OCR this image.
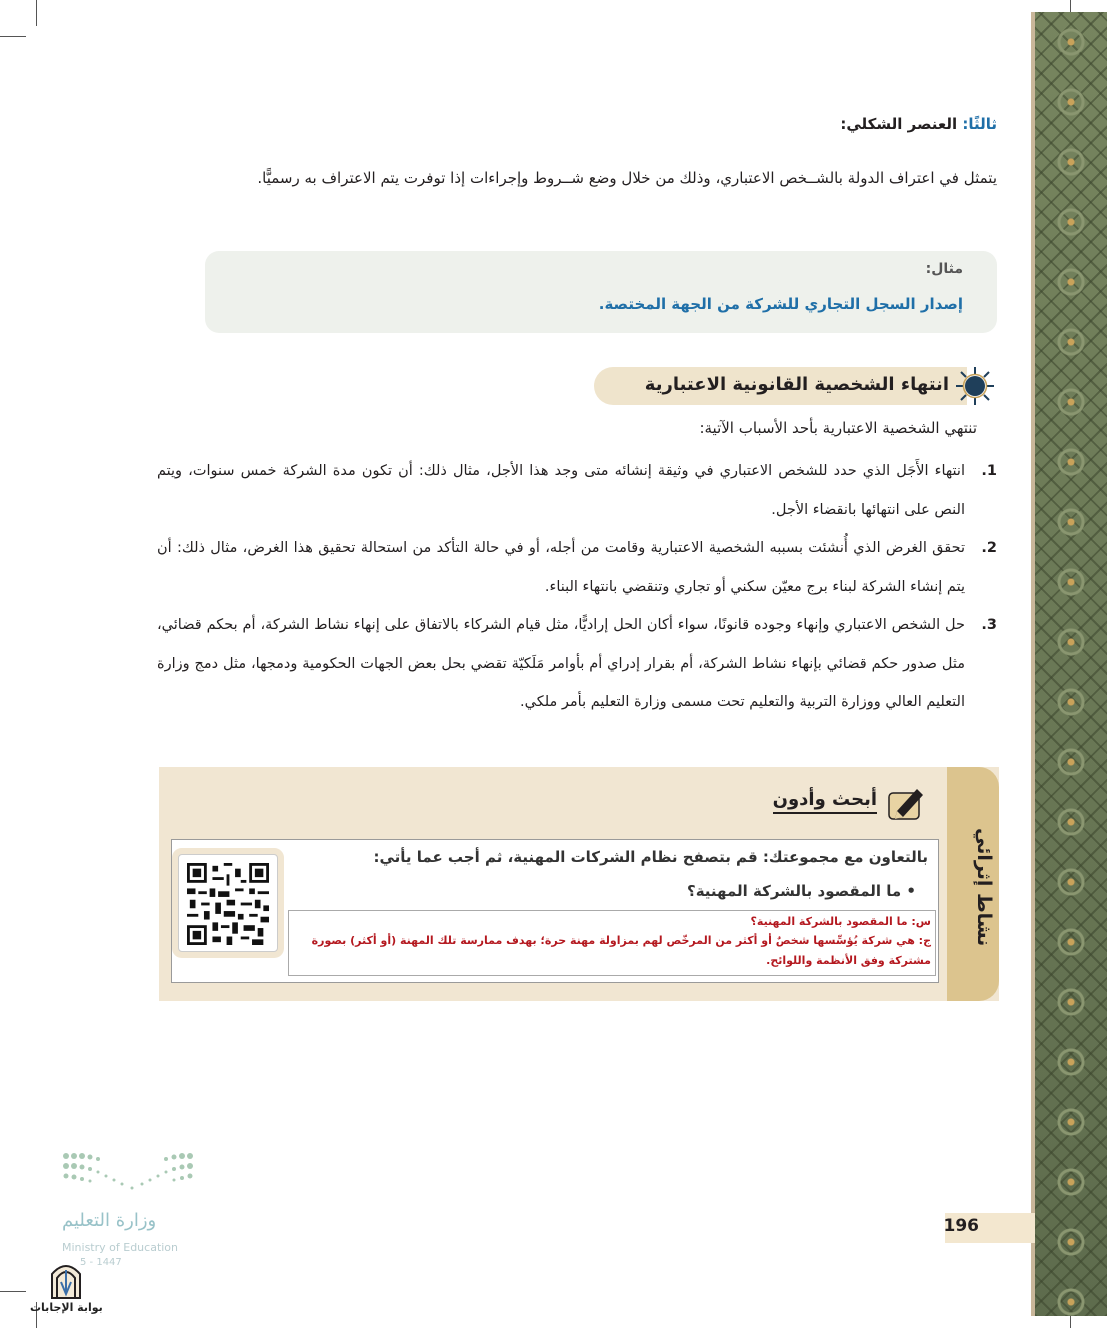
ثالثًا: العنصر الشكلي:

يتمثل في اعتراف الدولة بالشــخص الاعتباري، وذلك من خلال وضع شــروط وإجراءات إذا توفرت يتم الاعتراف به رسميًّا.

مثال:
إصدار السجل التجاري للشركة من الجهة المختصة.
انتهاء الشخصية القانونية الاعتبارية
تنتهي الشخصية الاعتبارية بأحد الأسباب الآتية:
1.
انتهاء الأَجَل الذي حدد للشخص الاعتباري في وثيقة إنشائه متى وجد هذا الأجل، مثال ذلك: أن تكون مدة الشركة خمس سنوات، ويتم النص على انتهائها بانقضاء الأجل.
2.
تحقق الغرض الذي أُنشئت بسببه الشخصية الاعتبارية وقامت من أجله، أو في حالة التأكد من استحالة تحقيق هذا الغرض، مثال ذلك: أن يتم إنشاء الشركة لبناء برج معيّن سكني أو تجاري وتنقضي بانتهاء البناء.
3.
حل الشخص الاعتباري وإنهاء وجوده قانونًا، سواء أكان الحل إراديًّا، مثل قيام الشركاء بالاتفاق على إنهاء نشاط الشركة، أم بحكم قضائي، مثل صدور حكم قضائي بإنهاء نشاط الشركة، أم بقرار إدراي أم بأوامر مَلَكيّة تقضي بحل بعض الجهات الحكومية ودمجها، مثل دمج وزارة التعليم العالي ووزارة التربية والتعليم تحت مسمى وزارة التعليم بأمر ملكي.
نشاط إثرائي
أبحث وأدون
بالتعاون مع مجموعتك: قم بتصفح نظام الشركات المهنية، ثم أجب عما يأتي:
• ما المقصود بالشركة المهنية؟
س: ما المقصود بالشركة المهنية؟
ج: هي شركة يُؤسِّسها شخصٌ أو أكثر من المرخّص لهم بمزاولة مهنة حرة؛ بهدف ممارسة تلك المهنة (أو أكثر) بصورة مشتركة وفق الأنظمة واللوائح.
196
وزارة التعليم
Ministry of Education
5 - 1447
بوابة الإجابات
